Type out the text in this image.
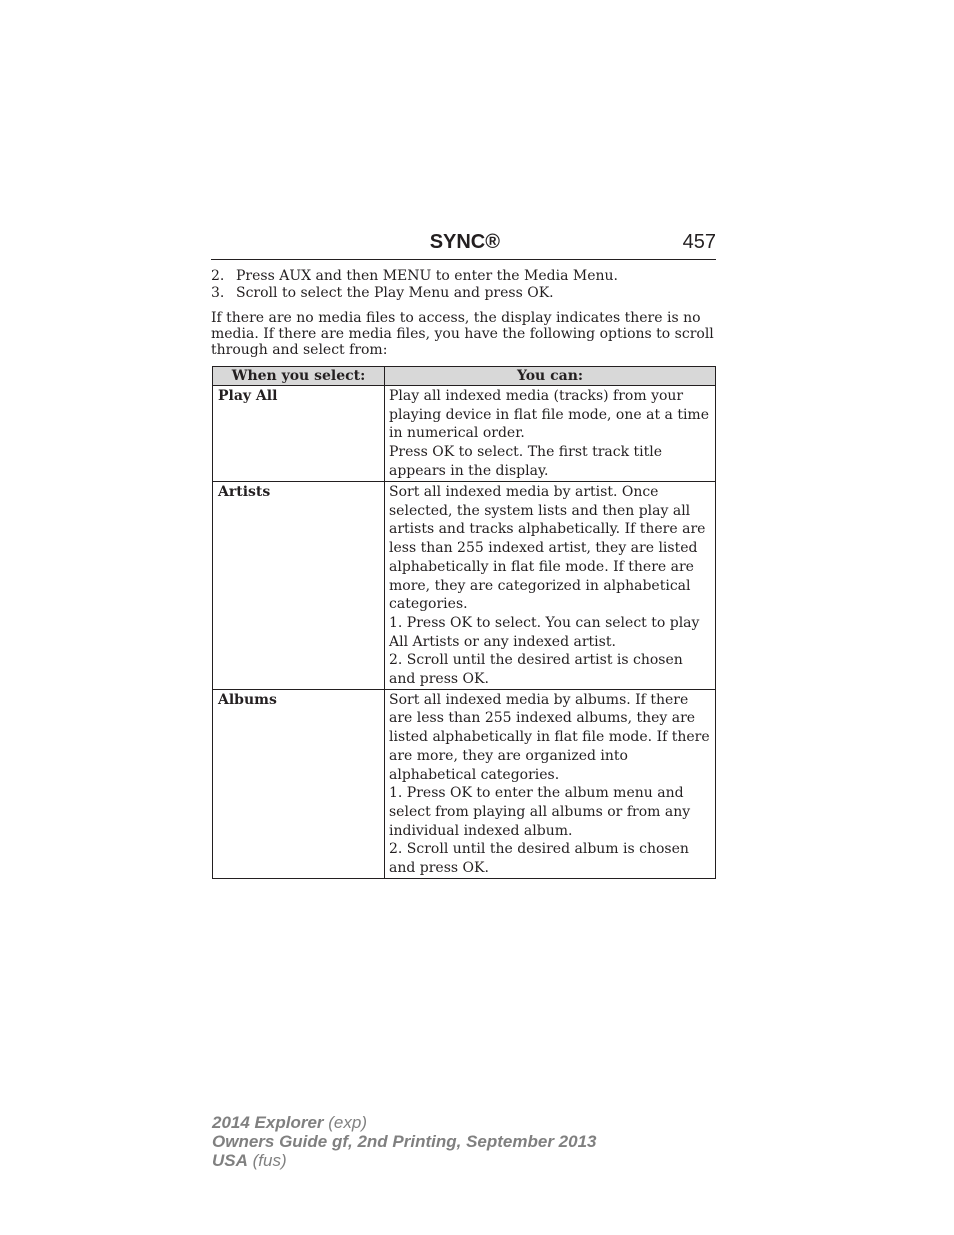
SYNC®	457
2. Press AUX and then MENU to enter the Media Menu.
3. Scroll to select the Play Menu and press OK.

If there are no media files to access, the display indicates there is no media. If there are media files, you have the following options to scroll through and select from:

When you select:	You can:
Play All	Play all indexed media (tracks) from your playing device in flat file mode, one at a time in numerical order.
Press OK to select. The first track title appears in the display.

Artists	Sort all indexed media by artist. Once selected, the system lists and then play all artists and tracks alphabetically. If there are less than 255 indexed artist, they are listed alphabetically in flat file mode. If there are more, they are categorized in alphabetical categories.
1. Press OK to select. You can select to play All Artists or any indexed artist.
2. Scroll until the desired artist is chosen and press OK.

Albums	Sort all indexed media by albums. If there are less than 255 indexed albums, they are listed alphabetically in flat file mode. If there are more, they are organized into alphabetical categories.
1. Press OK to enter the album menu and select from playing all albums or from any individual indexed album.
2. Scroll until the desired album is chosen and press OK.
2014 Explorer (exp)
Owners Guide gf, 2nd Printing, September 2013
USA (fus)
